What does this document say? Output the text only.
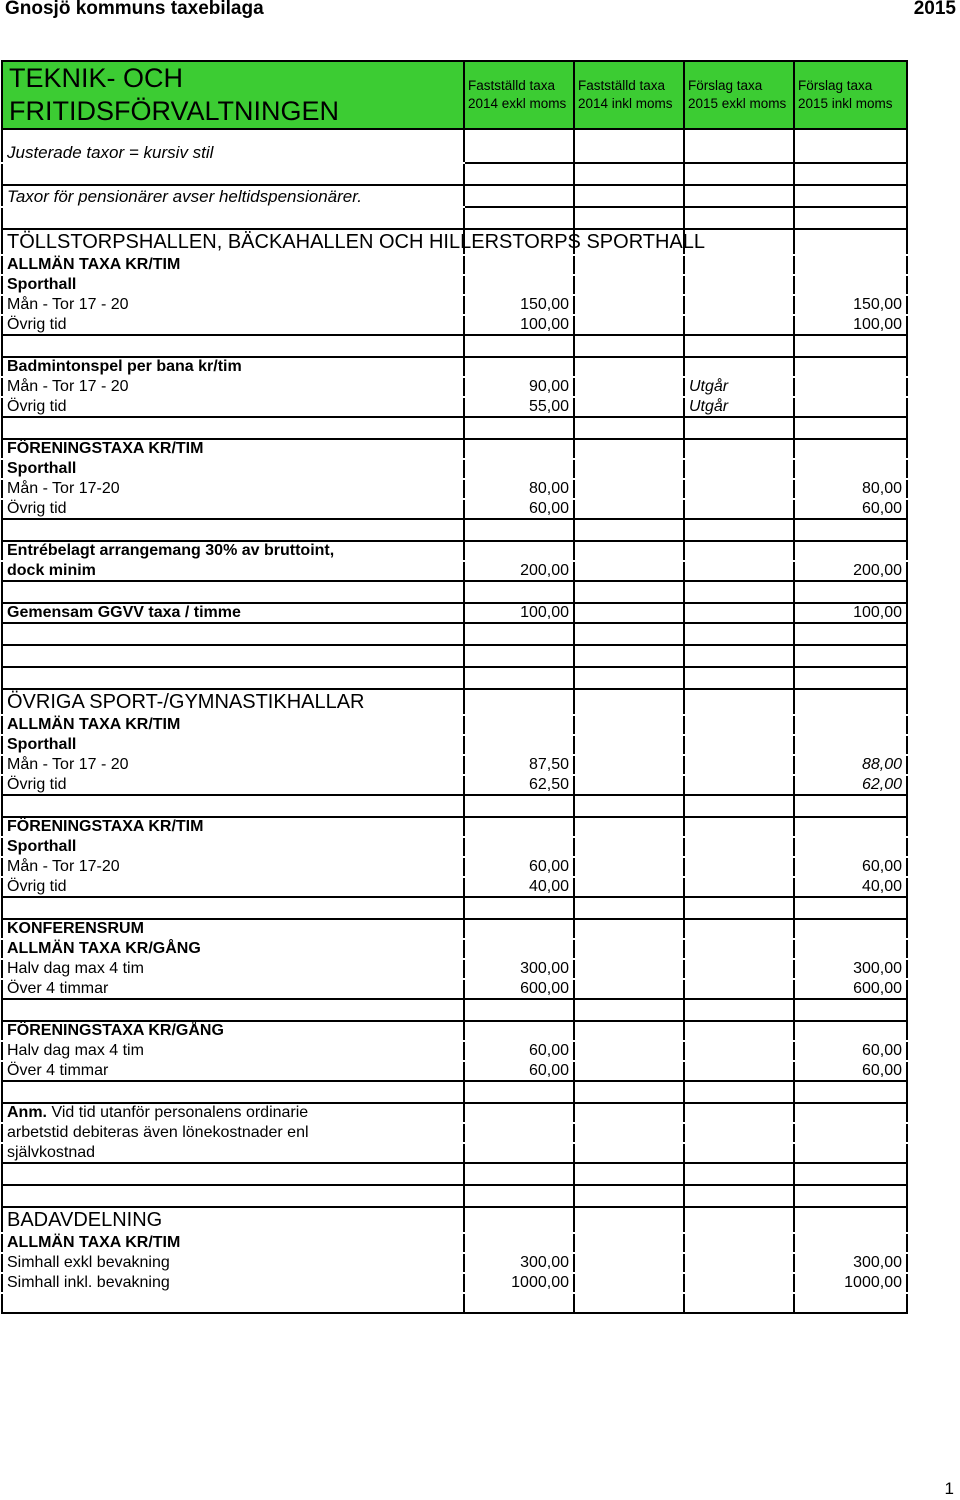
Gnosjö kommuns taxebilaga	2015
TEKNIK- OCH FRITIDSFÖRVALTNINGEN	Fastställd taxa 2014 exkl moms	Fastställd taxa 2014 inkl moms	Förslag taxa 2015 exkl moms	Förslag taxa 2015 inkl moms
Justerade taxor = kursiv stil				

Taxor för pensionärer avser heltidspensionärer.				

TÖLLSTORPSHALLEN, BÄCKAHALLEN OCH HILLERSTORPS SPORTHALL				
ALLMÄN TAXA KR/TIM				
Sporthall				
Mån - Tor 17 - 20	150,00			150,00
Övrig tid	100,00			100,00

Badmintonspel per bana kr/tim				
Mån - Tor 17 - 20	90,00		Utgår	
Övrig tid	55,00		Utgår	

FÖRENINGSTAXA KR/TIM				
Sporthall				
Mån - Tor 17-20	80,00			80,00
Övrig tid	60,00			60,00

Entrébelagt arrangemang 30% av bruttoint,				
dock minim	200,00			200,00

Gemensam GGVV taxa / timme	100,00			100,00

ÖVRIGA SPORT-/GYMNASTIKHALLAR				
ALLMÄN TAXA KR/TIM				
Sporthall				
Mån - Tor 17 - 20	87,50			88,00
Övrig tid	62,50			62,00

FÖRENINGSTAXA KR/TIM				
Sporthall				
Mån - Tor 17-20	60,00			60,00
Övrig tid	40,00			40,00

KONFERENSRUM				
ALLMÄN TAXA KR/GÅNG				
Halv dag max 4 tim	300,00			300,00
Över 4 timmar	600,00			600,00

FÖRENINGSTAXA KR/GÅNG				
Halv dag max 4 tim	60,00			60,00
Över 4 timmar	60,00			60,00

Anm. Vid tid utanför personalens ordinarie				
arbetstid debiteras även lönekostnader enl				
självkostnad				

BADAVDELNING				
ALLMÄN TAXA KR/TIM				
Simhall exkl bevakning	300,00			300,00
Simhall inkl. bevakning	1000,00			1000,00

1
